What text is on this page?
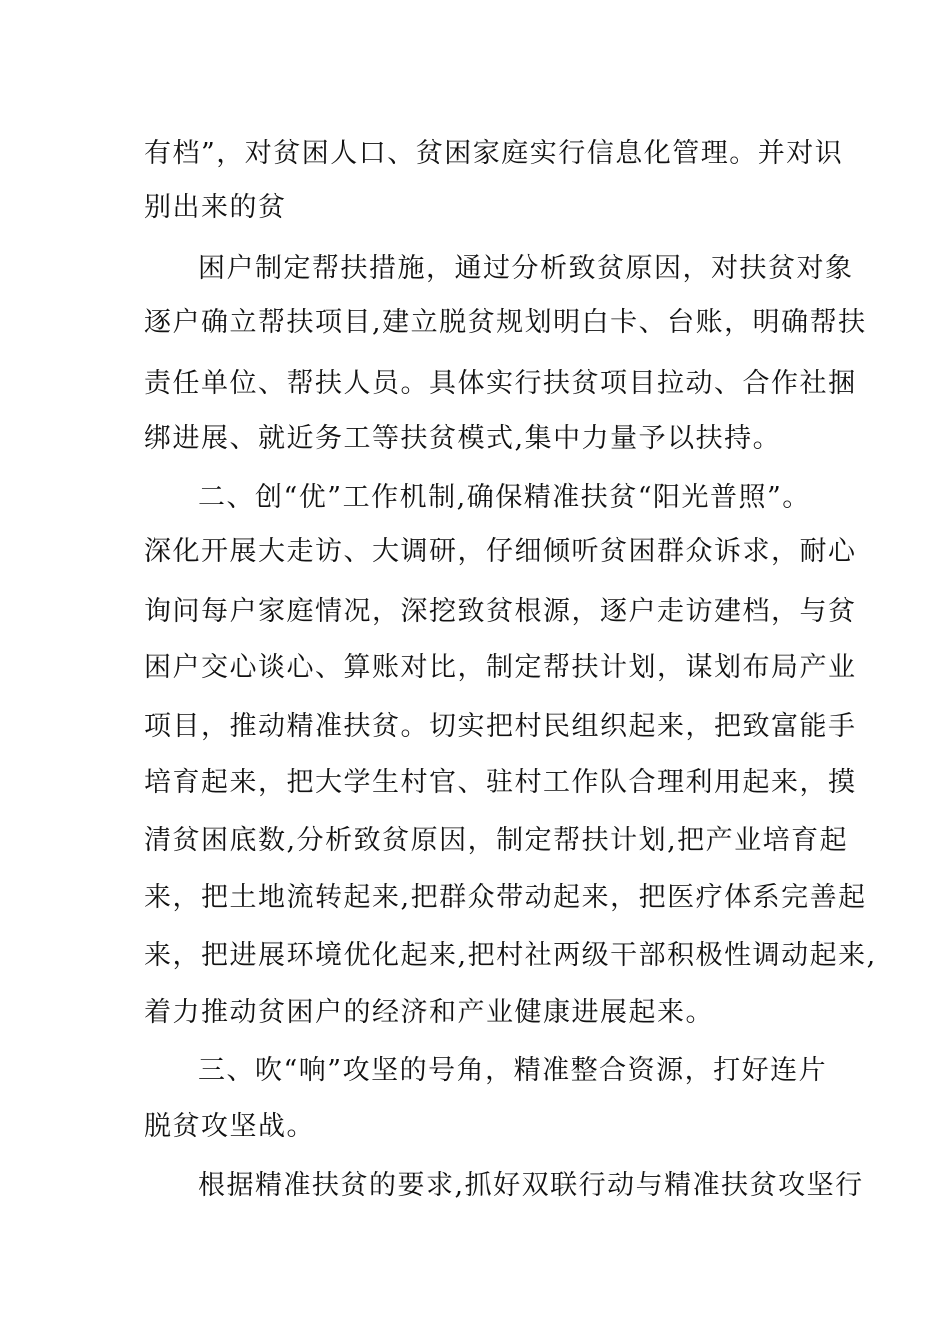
有档”，对贫困人口、贫困家庭实行信息化管理。并对识
别出来的贫
困户制定帮扶措施，通过分析致贫原因，对扶贫对象
逐户确立帮扶项目,建立脱贫规划明白卡、台账，明确帮扶
责任单位、帮扶人员。具体实行扶贫项目拉动、合作社捆
绑进展、就近务工等扶贫模式,集中力量予以扶持。
二、创“优”工作机制,确保精准扶贫“阳光普照”。
深化开展大走访、大调研，仔细倾听贫困群众诉求，耐心
询问每户家庭情况，深挖致贫根源，逐户走访建档，与贫
困户交心谈心、算账对比，制定帮扶计划，谋划布局产业
项目，推动精准扶贫。切实把村民组织起来，把致富能手
培育起来，把大学生村官、驻村工作队合理利用起来，摸
清贫困底数,分析致贫原因，制定帮扶计划,把产业培育起
来，把土地流转起来,把群众带动起来，把医疗体系完善起
来，把进展环境优化起来,把村社两级干部积极性调动起来,
着力推动贫困户的经济和产业健康进展起来。
三、吹“响”攻坚的号角，精准整合资源，打好连片
脱贫攻坚战。
根据精准扶贫的要求,抓好双联行动与精准扶贫攻坚行
